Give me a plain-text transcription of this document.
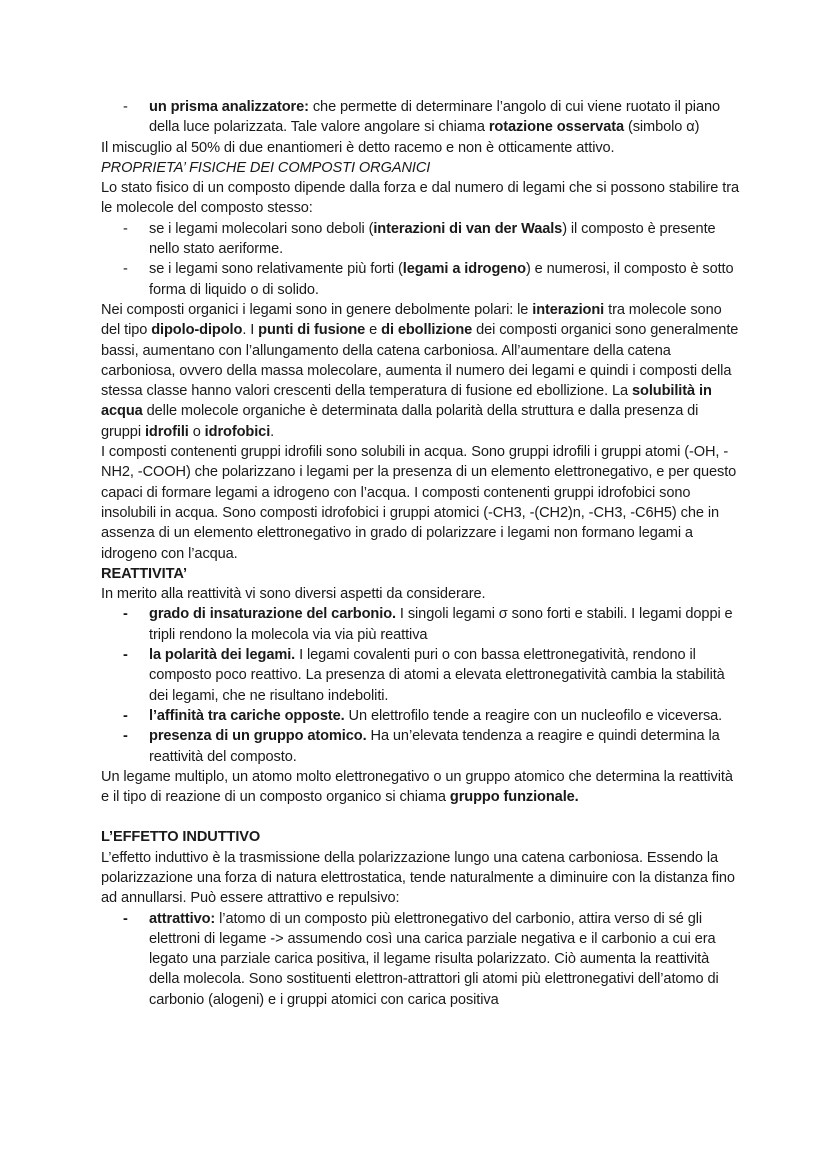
- un prisma analizzatore: che permette di determinare l’angolo di cui viene ruotato il piano della luce polarizzata. Tale valore angolare si chiama rotazione osservata (simbolo α)

Il miscuglio al 50% di due enantiomeri è detto racemo e non è otticamente attivo.

PROPRIETA’ FISICHE DEI COMPOSTI ORGANICI

Lo stato fisico di un composto dipende dalla forza e dal numero di legami che si possono stabilire tra le molecole del composto stesso:

- se i legami molecolari sono deboli (interazioni di van der Waals) il composto è presente nello stato aeriforme.
- se i legami sono relativamente più forti (legami a idrogeno) e numerosi, il composto è sotto forma di liquido o di solido.

Nei composti organici i legami sono in genere debolmente polari: le interazioni tra molecole sono del tipo dipolo-dipolo. I punti di fusione e di ebollizione dei composti organici sono generalmente bassi, aumentano con l’allungamento della catena carboniosa. All’aumentare della catena carboniosa, ovvero della massa molecolare, aumenta il numero dei legami e quindi i composti della stessa classe hanno valori crescenti della temperatura di fusione ed ebollizione. La solubilità in acqua delle molecole organiche è determinata dalla polarità della struttura e dalla presenza di gruppi idrofili o idrofobici.

I composti contenenti gruppi idrofili sono solubili in acqua. Sono gruppi idrofili i gruppi atomi (-OH, -NH2, -COOH) che polarizzano i legami per la presenza di un elemento elettronegativo, e per questo capaci di formare legami a idrogeno con l’acqua. I composti contenenti gruppi idrofobici sono insolubili in acqua. Sono composti idrofobici i gruppi atomici (-CH3, -(CH2)n, -CH3, -C6H5) che in assenza di un elemento elettronegativo in grado di polarizzare i legami non formano legami a idrogeno con l’acqua.

REATTIVITA’

In merito alla reattività vi sono diversi aspetti da considerare.

- grado di insaturazione del carbonio. I singoli legami σ sono forti e stabili. I legami doppi e tripli rendono la molecola via via più reattiva
- la polarità dei legami. I legami covalenti puri o con bassa elettronegatività, rendono il composto poco reattivo. La presenza di atomi a elevata elettronegatività cambia la stabilità dei legami, che ne risultano indeboliti.
- l’affinità tra cariche opposte. Un elettrofilo tende a reagire con un nucleofilo e viceversa.
- presenza di un gruppo atomico. Ha un’elevata tendenza a reagire e quindi determina la reattività del composto.

Un legame multiplo, un atomo molto elettronegativo o un gruppo atomico che determina la reattività e il tipo di reazione di un composto organico si chiama gruppo funzionale.

L’EFFETTO INDUTTIVO

L’effetto induttivo è la trasmissione della polarizzazione lungo una catena carboniosa. Essendo la polarizzazione una forza di natura elettrostatica, tende naturalmente a diminuire con la distanza fino ad annullarsi. Può essere attrattivo e repulsivo:

- attrattivo: l’atomo di un composto più elettronegativo del carbonio, attira verso di sé gli elettroni di legame -> assumendo così una carica parziale negativa e il carbonio a cui era legato una parziale carica positiva, il legame risulta polarizzato. Ciò aumenta la reattività della molecola. Sono sostituenti elettron-attrattori gli atomi più elettronegativi dell’atomo di carbonio (alogeni) e i gruppi atomici con carica positiva
